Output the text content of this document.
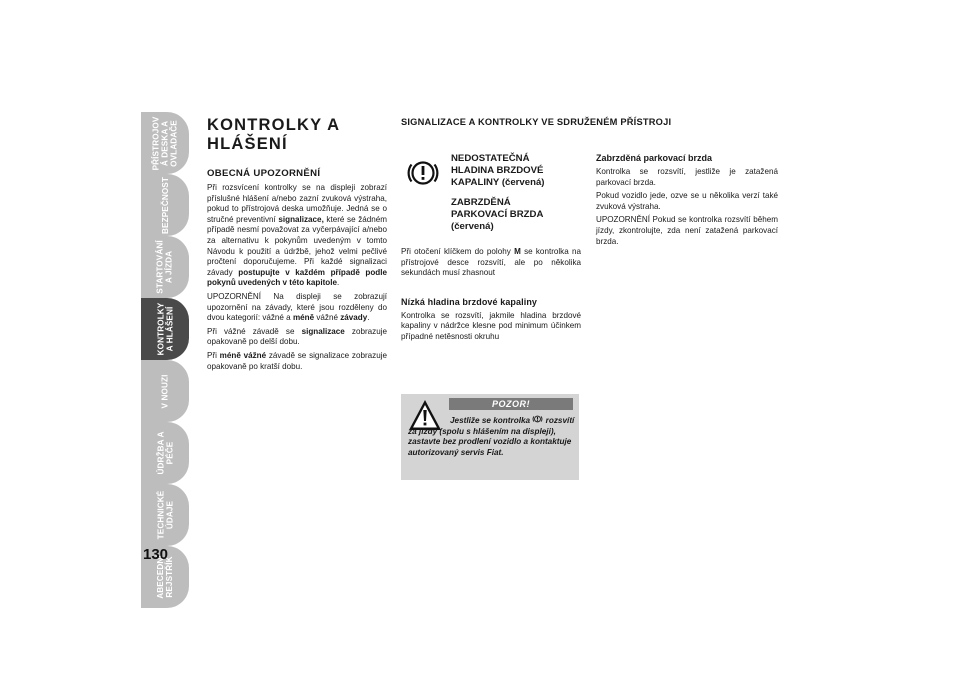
PŘÍSTROJOV
Á DESKA A
OVLADAČE
BEZPEČNOST
STARTOVÁNÍ
A JÍZDA
KONTROLKY
A HLÁŠENÍ
V NOUZI
ÚDRŽBA A
PÉČE
TECHNICKÉ
ÚDAJE
ABECEDNÍ
REJSTŘÍK
130
KONTROLKY A
HLÁŠENÍ
OBECNÁ UPOZORNĚNÍ

Při rozsvícení kontrolky se na displeji zobrazí příslušné hlášení a/nebo zazní zvuková výstraha, pokud to přístrojová deska umožňuje. Jedná se o stručné preventivní signalizace, které se žádném případě nesmí považovat za vyčerpávající a/nebo za alternativu k pokynům uvedeným v tomto Návodu k použití a údržbě, jehož velmi pečlivé pročtení doporučujeme. Při každé signalizaci závady postupujte v každém případě podle pokynů uvedených v této kapitole.

UPOZORNĚNÍ Na displeji se zobrazují upozornění na závady, které jsou rozděleny do dvou kategorií: vážné a méně vážné závady.

Při vážné závadě se signalizace zobrazuje opakovaně po delší dobu.

Při méně vážné závadě se signalizace zobrazuje opakovaně po kratší dobu.

SIGNALIZACE A KONTROLKY VE SDRUŽENÉM PŘÍSTROJI
NEDOSTATEČNÁ
HLADINA BRZDOVÉ
KAPALINY (červená)
ZABRZDĚNÁ
PARKOVACÍ BRZDA
(červená)

Při otočení klíčkem do polohy M se kontrolka na přístrojové desce rozsvítí, ale po několika sekundách musí zhasnout

Nízká hladina brzdové kapaliny

Kontrolka se rozsvítí, jakmile hladina brzdové kapaliny v nádržce klesne pod minimum účinkem případné netěsnosti okruhu

POZOR!
Jestliže se kontrolka  rozsvítí za jízdy (spolu s hlášením na displeji), zastavte bez prodlení vozidlo a kontaktuje autorizovaný servis Fiat.
Zabrzděná parkovací brzda

Kontrolka se rozsvítí, jestliže je zatažená parkovací brzda.

Pokud vozidlo jede, ozve se u několika verzí také zvuková výstraha.

UPOZORNĚNÍ Pokud se kontrolka rozsvítí během jízdy, zkontrolujte, zda není zatažená parkovací brzda.
